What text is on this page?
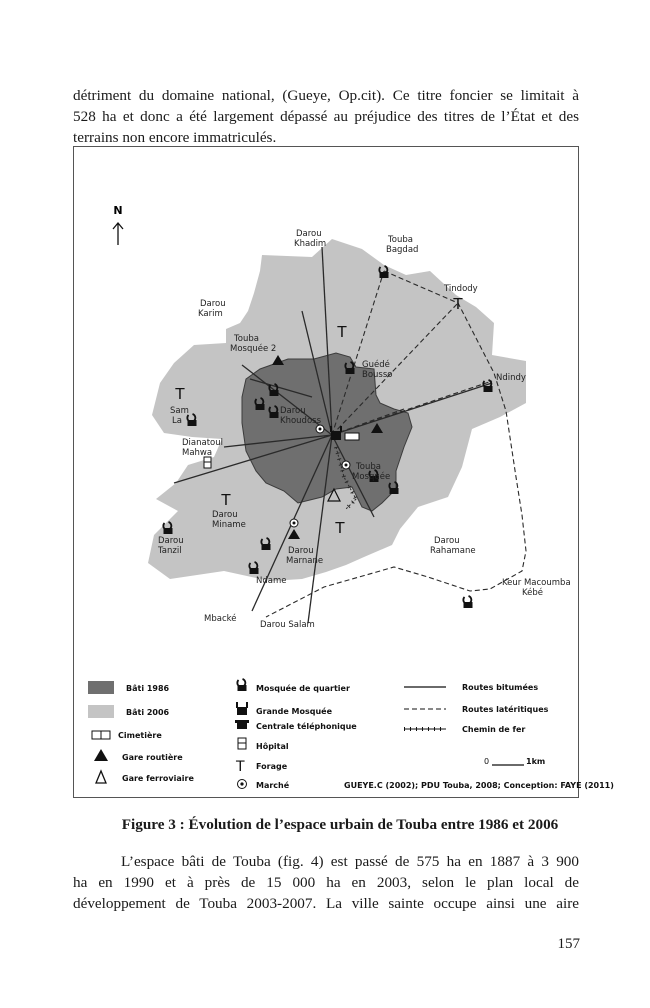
détriment du domaine national, (Gueye, Op.cit). Ce titre foncier se limitait à
528 ha et donc a été largement dépassé au préjudice des titres de l’État et des
terrains non encore immatriculés.

N
T
T
T
T
T
Darou Khadim	Touba Bagdad
Tindody
Darou Karim
Touba Mosquée 2
Guédé Bousso	Ndindy
Sam La
Darou Khoudoss
Dianatoul Mahwa
Touba Mosquée
Darou Miname
Darou Tanzil	Darou Marnane
Ndame
Darou Rahamane
Keur Macoumba Kébé
Mbacké
Darou Salam
Bâti 1986
Bâti 2006
Cimetière
Gare routière
Gare ferroviaire
Mosquée de quartier
Grande Mosquée
Centrale téléphonique
Hôpital
T Forage
Marché
Routes bitumées
Routes latéritiques
Chemin de fer
0	1km
GUEYE.C (2002); PDU Touba, 2008; Conception: FAYE (2011)
Figure 3 : Évolution de l’espace urbain de Touba entre 1986 et 2006

L’espace bâti de Touba (fig. 4) est passé de 575 ha en 1887 à 3 900
ha en 1990 et à près de 15 000 ha en 2003, selon le plan local de
développement de Touba 2003-2007. La ville sainte occupe ainsi une aire

157
